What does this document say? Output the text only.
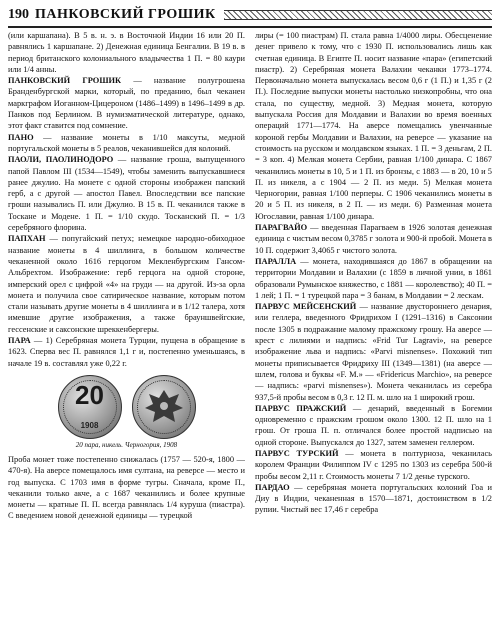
190 ПАНКОВСКИЙ ГРОШИК

(или каршапана). В 5 в. н. э. в Восточной Индии 16 или 20 П. равнялись 1 каршапане. 2) Денежная единица Бенгалии. В 19 в. в период британского колониального владычества 1 П. = 80 каури или 1/4 анны.

ПАНКОВСКИЙ ГРОШИК — название полугрошена Бранденбургской марки, который, по преданию, был чеканен маркграфом Иоганном-Цицероном (1486–1499) в 1496–1499 в др. Панков под Берлином. В нумизматической литературе, однако, этот факт ставится под сомнение.

ПАНО — название монеты в 1/10 максуты, медной португальской монеты в 5 реалов, чеканившейся для колоний.

ПАОЛИ, ПАОЛИНОДОРО — название гроша, выпущенного папой Павлом III (1534—1549), чтобы заменить выпускавшиеся ранее джулио. На монете с одной стороны изображен папский герб, а с другой — апостол Павел. Впоследствии все папские гроши назывались П. или Джулио. В 15 в. П. чеканился также в Тоскане и Модене. 1 П. = 1/10 скудо. Тосканский П. = 1/3 серебряного флорина.

ПАПХАН — попугайский петух; немецкое народно-обиходное название монеты в 4 шиллинга, в большом количестве чеканенной около 1616 герцогом Мекленбургским Гансом-Альбрехтом. Изображение: герб герцога на одной стороне, имперский орел с цифрой «4» на груди — на другой. Из-за орла монета и получила свое сатирическое название, которым потом стали называть другие монеты в 4 шиллинга и в 1/12 талера, хотя имевшие другие изображения, а также брауншвейгские, гессенские и саксонские шреккенбергеры.

ПАРА — 1) Серебряная монета Турции, пущена в обращение в 1623. Сперва вес П. равнялся 1,1 г и, постепенно уменьшаясь, в начале 19 в. составлял уже 0,22 г.

20
1908
20 пара, никель. Черногория, 1908

Проба монет тоже постепенно снижалась (1757 — 520-я, 1800 — 470-я). На аверсе помещалось имя султана, на реверсе — место и год выпуска. С 1703 имя в форме тугры. Сначала, кроме П., чеканили только акче, а с 1687 чеканились и более крупные монеты — кратные П. П. всегда равнялась 1/4 куруша (пиастра). С введением новой денежной единицы — турецкой

лиры (= 100 пиастрам) П. стала равна 1/4000 лиры. Обесценение денег привело к тому, что с 1930 П. использовались лишь как счетная единица. В Египте П. носит название «пара» (египетский пиастр). 2) Серебряная монета Валахии чеканки 1773–1774. Первоначально монета выпускалась весом 0,6 г (1 П.) и 1,35 г (2 П.). Последние выпуски монеты настолько низкопробны, что она стала, по существу, медной. 3) Медная монета, которую выпускала Россия для Молдавии и Валахии во время военных операций 1771—1774. На аверсе помещались увенчанные короной гербы Молдавии и Валахии, на реверсе — указание на стоимость на русском и молдавском языках. 1 П. = 3 деньгам, 2 П. = 3 коп. 4) Мелкая монета Сербии, равная 1/100 динара. С 1867 чеканились монеты в 10, 5 и 1 П. из бронзы, с 1883 — в 20, 10 и 5 П. из никеля, а с 1904 — 2 П. из меди. 5) Мелкая монета Черногории, равная 1/100 перперы. С 1906 чеканились монеты в 20 и 5 П. из никеля, в 2 П. — из меди. 6) Разменная монета Югославии, равная 1/100 динара.

ПАРАГВАЙО — введенная Парагваем в 1926 золотая денежная единица с чистым весом 0,3785 г золота и 900-й пробой. Монета в 10 П. содержит 3,4065 г чистого золота.

ПАРАЛЛА — монета, находившаяся до 1867 в обращении на территории Молдавии и Валахии (с 1859 в личной унии, в 1861 образовали Румынское княжество, с 1881 — королевство); 40 П. = 1 лей; 1 П. = 1 турецкой пара = 3 банам, в Молдавии = 2 лескам.

ПАРВУС МЕЙСЕНСКИЙ — название двустороннего денария, или геллера, введенного Фридрихом I (1291–1316) в Саксонии после 1305 в подражание малому пражскому грошу. На аверсе — крест с лилиями и надпись: «Frid Tur Lagravi», на реверсе изображение льва и надпись: «Parvi misnenses». Похожий тип монеты приписывается Фридриху III (1349—1381) (на аверсе — шлем, голова и буквы «F. M.» — «Fridericus Marchio», на реверсе — надпись: «parvi misnenses»). Монета чеканилась из серебра 937,5-й пробы весом в 0,3 г. 12 П. м. шло на 1 широкий грош.

ПАРВУС ПРАЖСКИЙ — денарий, введенный в Богемии одновременно с пражским грошом около 1300. 12 П. шло на 1 грош. От гроша П. п. отличался более простой надписью на одной стороне. Выпускался до 1327, затем заменен геллером.

ПАРВУС ТУРСКИЙ — монета в полтурноза, чеканилась королем Франции Филиппом IV с 1295 по 1303 из серебра 500-й пробы весом 2,11 г. Стоимость монеты 7 1/2 денье турского.

ПАРДАО — серебряная монета португальских колоний Гоа и Диу в Индии, чеканенная в 1570—1871, достоинством в 1/2 рупии. Чистый вес 17,46 г серебра
